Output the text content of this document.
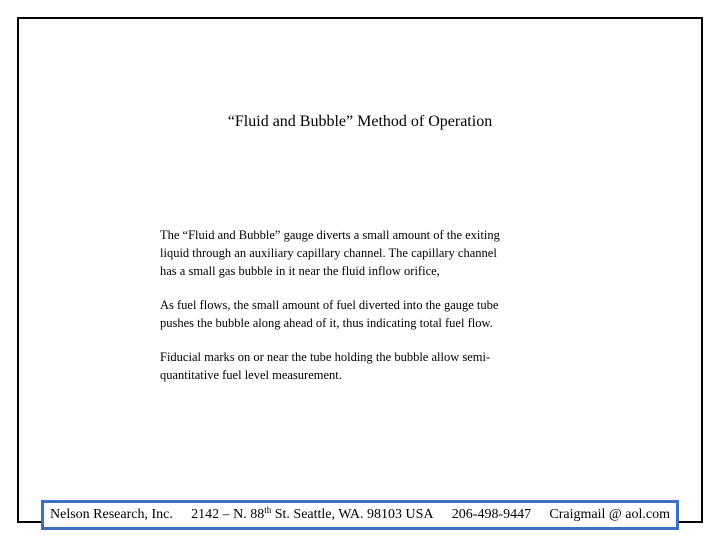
“Fluid and Bubble” Method of Operation

The “Fluid and Bubble” gauge diverts a small amount of the exiting
liquid through an auxiliary capillary channel. The capillary channel
has a small gas bubble in it near the fluid inflow orifice,

As fuel flows, the small amount of fuel diverted into the gauge tube
pushes the bubble along ahead of it, thus indicating total fuel flow.

Fiducial marks on or near the tube holding the bubble allow semi-
quantitative fuel level measurement.

Nelson Research, Inc. 2142 – N. 88th St. Seattle, WA. 98103 USA 206-498-9447 Craigmail @ aol.com
